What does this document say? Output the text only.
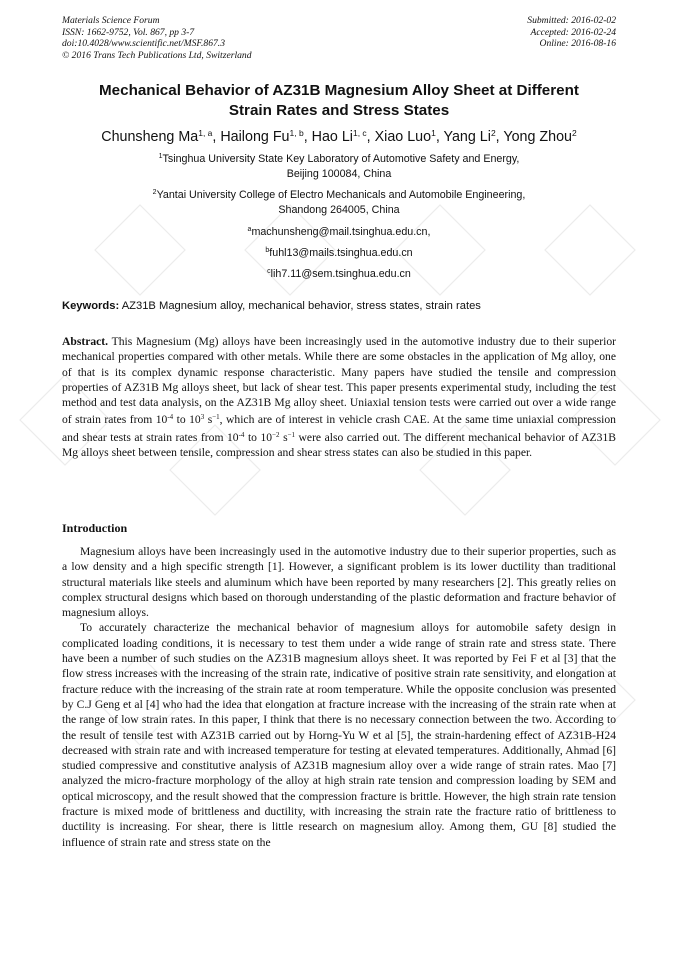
Materials Science Forum
ISSN: 1662-9752, Vol. 867, pp 3-7
doi:10.4028/www.scientific.net/MSF.867.3
© 2016 Trans Tech Publications Ltd, Switzerland
Submitted: 2016-02-02
Accepted: 2016-02-24
Online: 2016-08-16
Mechanical Behavior of AZ31B Magnesium Alloy Sheet at Different
Strain Rates and Stress States
Chunsheng Ma$^{1, a}$, Hailong Fu$^{1, b}$, Hao Li$^{1, c}$, Xiao Luo$^1$, Yang Li$^2$, Yong Zhou$^2$
$^1$Tsinghua University State Key Laboratory of Automotive Safety and Energy,
Beijing 100084, China
$^2$Yantai University College of Electro Mechanicals and Automobile Engineering,
Shandong 264005, China
$^a$machunsheng@mail.tsinghua.edu.cn,
$^b$fuhl13@mails.tsinghua.edu.cn
$^c$lih7.11@sem.tsinghua.edu.cn
Keywords: AZ31B Magnesium alloy, mechanical behavior, stress states, strain rates
Abstract. This Magnesium (Mg) alloys have been increasingly used in the automotive industry due to their superior mechanical properties compared with other metals. While there are some obstacles in the application of Mg alloy, one of that is its complex dynamic response characteristic. Many papers have studied the tensile and compression properties of AZ31B Mg alloys sheet, but lack of shear test. This paper presents experimental study, including the test method and test data analysis, on the AZ31B Mg alloy sheet. Uniaxial tension tests were carried out over a wide range of strain rates from $10^{-4}$ to $10^3$ $s^{-1}$, which are of interest in vehicle crash CAE. At the same time uniaxial compression and shear tests at strain rates from $10^{-4}$ to $10^{-2}$ $s^{-1}$ were also carried out. The different mechanical behavior of AZ31B Mg alloys sheet between tensile, compression and shear stress states can also be studied in this paper.
Introduction

Magnesium alloys have been increasingly used in the automotive industry due to their superior properties, such as a low density and a high specific strength [1]. However, a significant problem is its lower ductility than traditional structural materials like steels and aluminum which have been reported by many researchers [2]. This greatly relies on complex structural designs which based on thorough understanding of the plastic deformation and fracture behavior of magnesium alloys.

To accurately characterize the mechanical behavior of magnesium alloys for automobile safety design in complicated loading conditions, it is necessary to test them under a wide range of strain rate and stress state. There have been a number of such studies on the AZ31B magnesium alloys sheet. It was reported by Fei F et al [3] that the flow stress increases with the increasing of the strain rate, indicative of positive strain rate sensitivity, and elongation at fracture reduce with the increasing of the strain rate at room temperature. While the opposite conclusion was presented by C.J Geng et al [4] who had the idea that elongation at fracture increase with the increasing of the strain rate when at the range of low strain rates. In this paper, I think that there is no necessary connection between the two. According to the result of tensile test with AZ31B carried out by Horng-Yu W et al [5], the strain-hardening effect of AZ31B-H24 decreased with strain rate and with increased temperature for testing at elevated temperatures. Additionally, Ahmad [6] studied compressive and constitutive analysis of AZ31B magnesium alloy over a wide range of strain rates. Mao [7] analyzed the micro-fracture morphology of the alloy at high strain rate tension and compression loading by SEM and optical microscopy, and the result showed that the compression fracture is brittle. However, the high strain rate tension fracture is mixed mode of brittleness and ductility, with increasing the strain rate the fracture ratio of brittleness to ductility is increasing. For shear, there is little research on magnesium alloy. Among them, GU [8] studied the influence of strain rate and stress state on the
